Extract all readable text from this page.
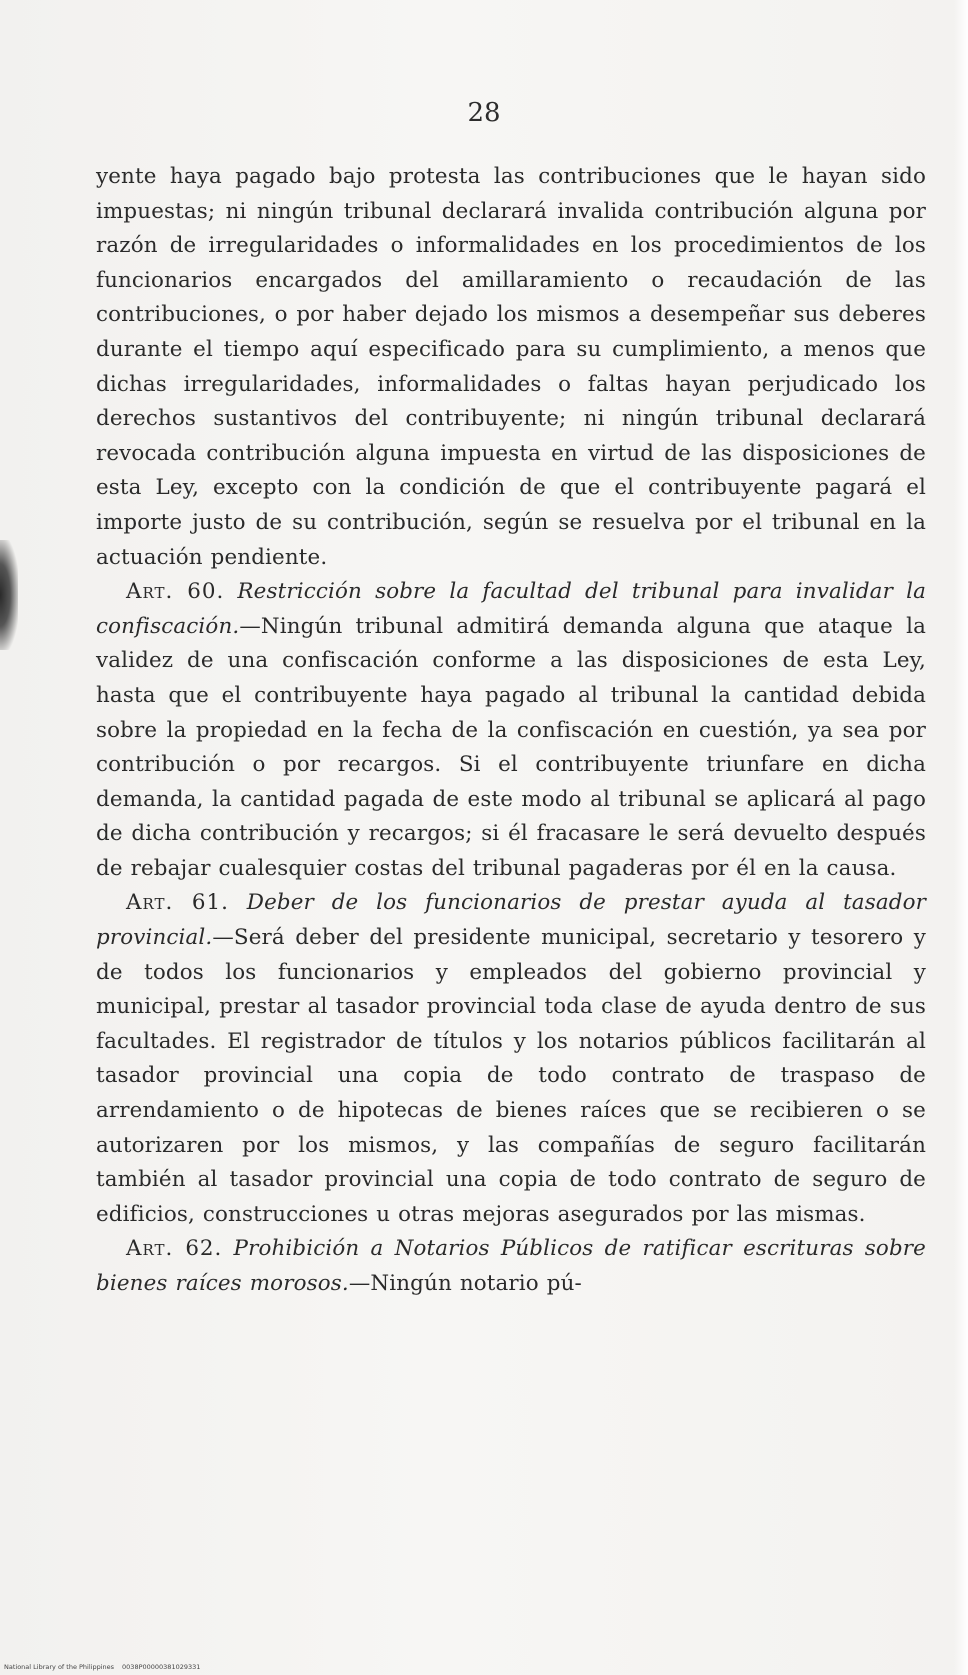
28

yente haya pagado bajo protesta las contribuciones que le hayan sido impuestas; ni ningún tribunal declarará invalida contribución alguna por razón de irregularidades o informalidades en los procedimientos de los funcionarios encargados del amillaramiento o recaudación de las contribuciones, o por haber dejado los mismos a desempeñar sus deberes durante el tiempo aquí especificado para su cumplimiento, a menos que dichas irregularidades, informalidades o faltas hayan perjudicado los derechos sustantivos del contribuyente; ni ningún tribunal declarará revocada contribución alguna impuesta en virtud de las disposiciones de esta Ley, excepto con la condición de que el contribuyente pagará el importe justo de su contribución, según se resuelva por el tribunal en la actuación pendiente.

Art. 60. Restricción sobre la facultad del tribunal para invalidar la confiscación.—Ningún tribunal admitirá demanda alguna que ataque la validez de una confiscación conforme a las disposiciones de esta Ley, hasta que el contribuyente haya pagado al tribunal la cantidad debida sobre la propiedad en la fecha de la confiscación en cuestión, ya sea por contribución o por recargos. Si el contribuyente triunfare en dicha demanda, la cantidad pagada de este modo al tribunal se aplicará al pago de dicha contribución y recargos; si él fracasare le será devuelto después de rebajar cualesquier costas del tribunal pagaderas por él en la causa.

Art. 61. Deber de los funcionarios de prestar ayuda al tasador provincial.—Será deber del presidente municipal, secretario y tesorero y de todos los funcionarios y empleados del gobierno provincial y municipal, prestar al tasador provincial toda clase de ayuda dentro de sus facultades. El registrador de títulos y los notarios públicos facilitarán al tasador provincial una copia de todo contrato de traspaso de arrendamiento o de hipotecas de bienes raíces que se recibieren o se autorizaren por los mismos, y las compañías de seguro facilitarán también al tasador provincial una copia de todo contrato de seguro de edificios, construcciones u otras mejoras asegurados por las mismas.

Art. 62. Prohibición a Notarios Públicos de ratificar escrituras sobre bienes raíces morosos.—Ningún notario pú-

National Library of the Philippines 0038P00000381029331
